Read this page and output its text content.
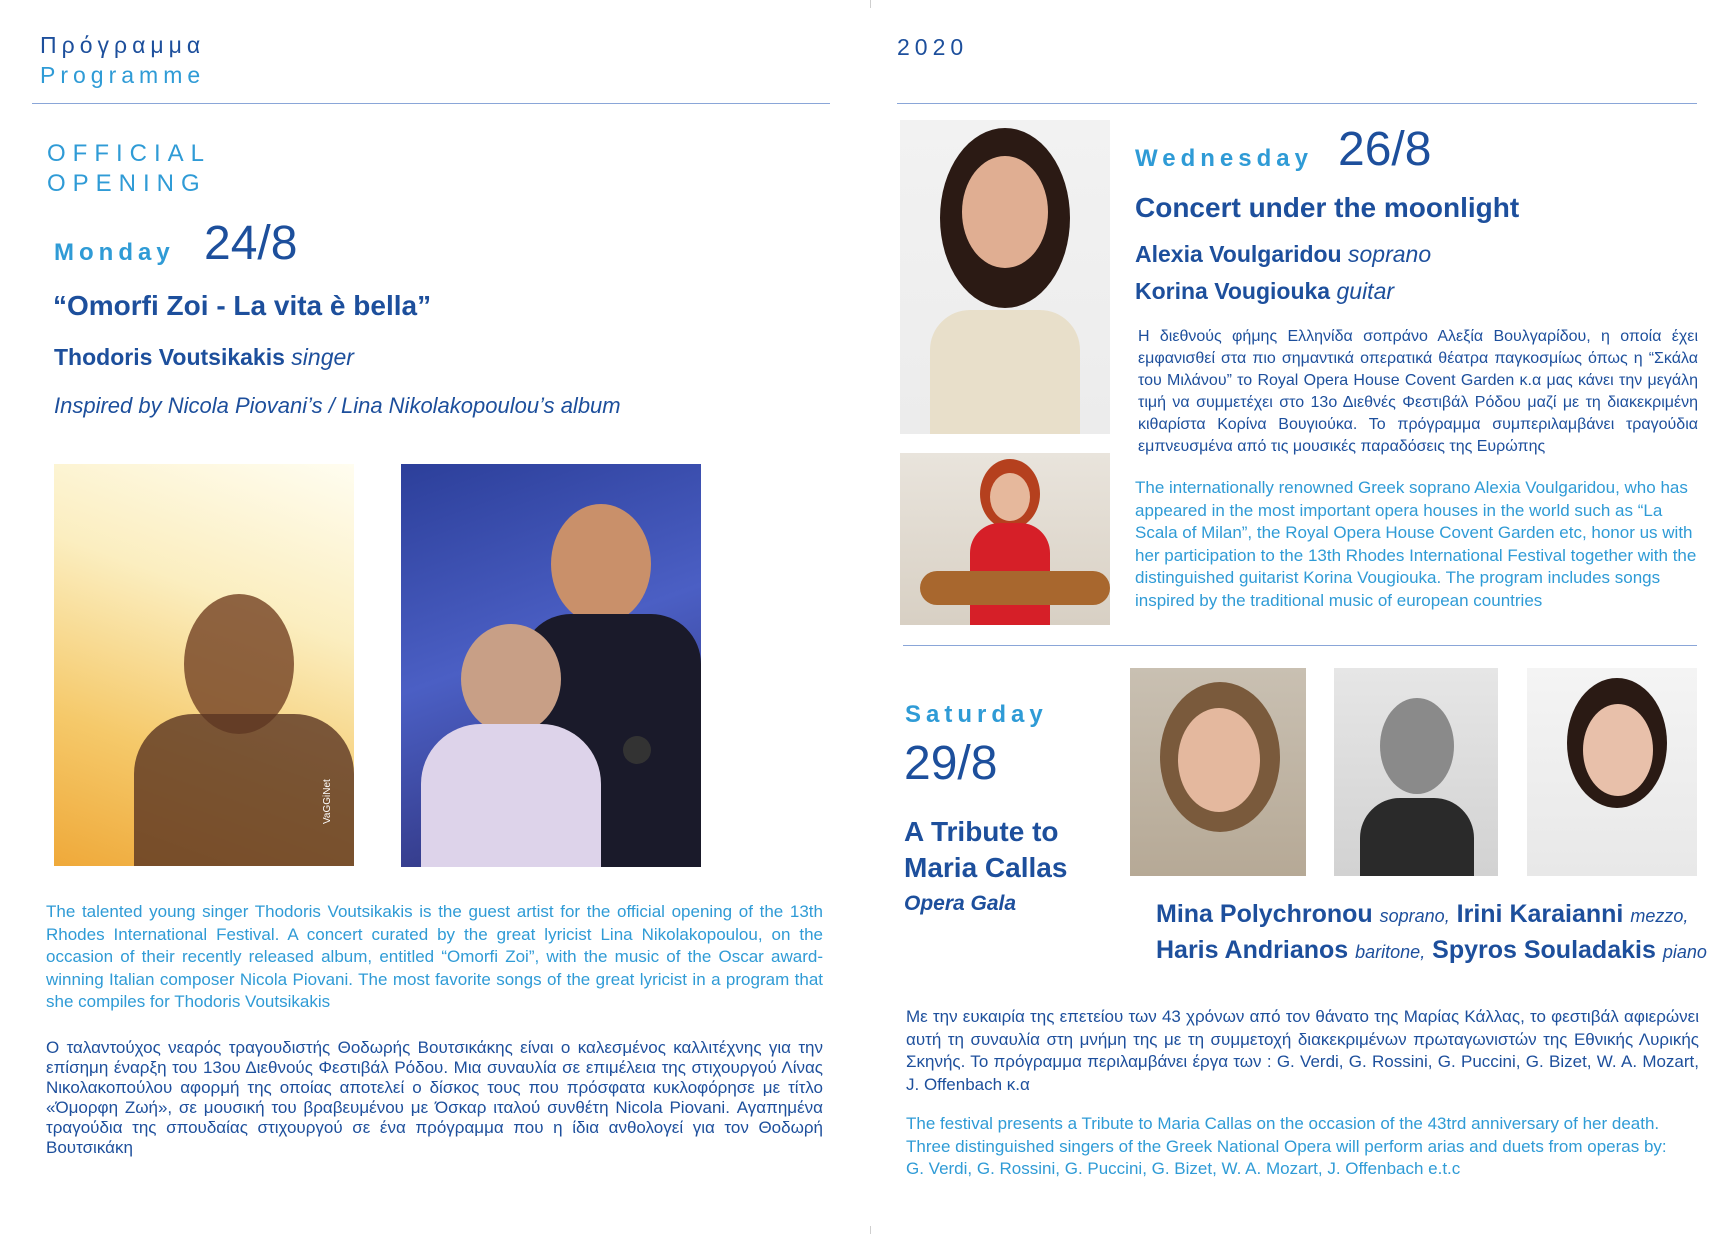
Πρόγραμμα
Programme
2020
OFFICIAL
OPENING
Monday 24/8
“Omorfi Zoi - La vita è bella”
Thodoris Voutsikakis singer
Inspired by Nicola Piovani’s / Lina Nikolakopoulou’s album
VaGGiNet
The talented young singer Thodoris Voutsikakis is the guest artist for the official opening of the 13th Rhodes International Festival. A concert curated by the great lyricist Lina Nikolakopoulou, on the occasion of their recently released album, entitled “Omorfi Zoi”, with the music of the Oscar award-winning Italian composer Nicola Piovani. The most favorite songs of the great lyricist in a program that she compiles for Thodoris Voutsikakis
Ο ταλαντούχος νεαρός τραγουδιστής Θοδωρής Βουτσικάκης είναι ο καλεσμένος καλλιτέχνης για την επίσημη έναρξη του 13ου Διεθνούς Φεστιβάλ Ρόδου. Μια συναυλία σε επιμέλεια της στιχουργού Λίνας Νικολακοπούλου αφορμή της οποίας αποτελεί ο δίσκος τους που πρόσφατα κυκλοφόρησε με τίτλο «Όμορφη Ζωή», σε μουσική του βραβευμένου με Όσκαρ ιταλού συνθέτη Nicola Piovani. Αγαπημένα τραγούδια της σπουδαίας στιχουργού σε ένα πρόγραμμα που η ίδια ανθολογεί για τον Θοδωρή Βουτσικάκη
Wednesday 26/8
Concert under the moonlight
Alexia Voulgaridou soprano
Korina Vougiouka guitar
Η διεθνούς φήμης Ελληνίδα σοπράνο Αλεξία Βουλγαρίδου, η οποία έχει εμφανισθεί στα πιο σημαντικά οπερατικά θέατρα παγκοσμίως όπως η “Σκάλα του Μιλάνου” το Royal Opera House Covent Garden κ.α μας κάνει την μεγάλη τιμή να συμμετέχει στο 13ο Διεθνές Φεστιβάλ Ρόδου μαζί με τη διακεκριμένη κιθαρίστα Κορίνα Βουγιούκα. Το πρόγραμμα συμπεριλαμβάνει τραγούδια εμπνευσμένα από τις μουσικές παραδόσεις της Ευρώπης
The internationally renowned Greek soprano Alexia Voulgaridou, who has appeared in the most important opera houses in the world such as “La Scala of Milan”, the Royal Opera House Covent Garden etc, honor us with her participation to the 13th Rhodes International Festival together with the distinguished guitarist Korina Vougiouka. The program includes songs inspired by the traditional music of european countries
Saturday
29/8
A Tribute to
Maria Callas
Opera Gala	Mina Polychronou soprano, Irini Karaianni mezzo,
Haris Andrianos baritone, Spyros Souladakis piano
Με την ευκαιρία της επετείου των 43 χρόνων από τον θάνατο της Μαρίας Κάλλας, το φεστιβάλ αφιερώνει αυτή τη συναυλία στη μνήμη της με τη συμμετοχή διακεκριμένων πρωταγωνιστών της Εθνικής Λυρικής Σκηνής. Το πρόγραμμα περιλαμβάνει έργα των : G. Verdi, G. Rossini, G. Puccini, G. Bizet, W. A. Mozart, J. Offenbach κ.α
The festival presents a Tribute to Maria Callas on the occasion of the 43trd anniversary of her death. Three distinguished singers of the Greek National Opera will perform arias and duets from operas by: G. Verdi, G. Rossini, G. Puccini, G. Bizet, W. A. Mozart, J. Offenbach e.t.c
